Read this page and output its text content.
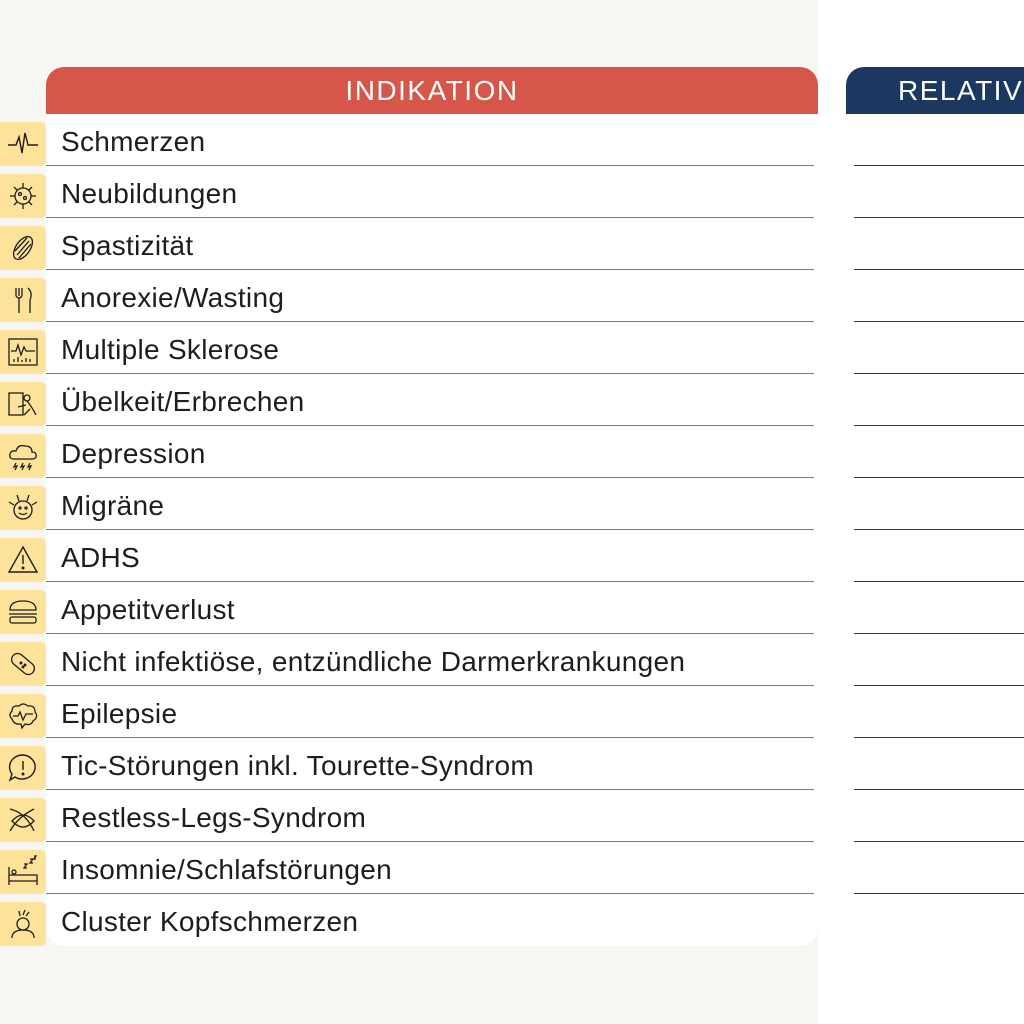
INDIKATION
Schmerzen
Neubildungen
Spastizität
Anorexie/Wasting
Multiple Sklerose
Übelkeit/Erbrechen
Depression
Migräne
ADHS
Appetitverlust
Nicht infektiöse, entzündliche Darmerkrankungen
Epilepsie
Tic-Störungen inkl. Tourette-Syndrom
Restless-Legs-Syndrom
Insomnie/Schlafstörungen
Cluster Kopfschmerzen
RELATIV
